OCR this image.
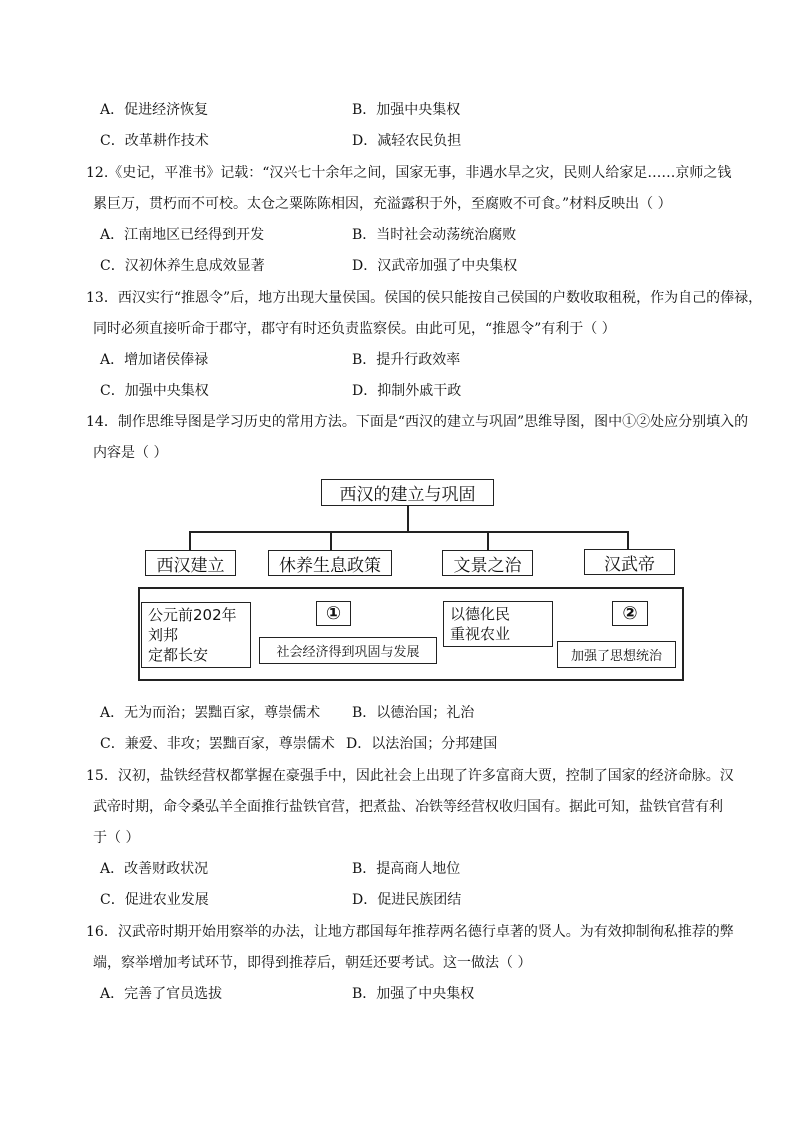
A．促进经济恢复	B．加强中央集权
C．改革耕作技术	D．减轻农民负担
12.《史记，平准书》记载：“汉兴七十余年之间，国家无事，非遇水旱之灾，民则人给家足……京师之钱
累巨万，贯朽而不可校。太仓之粟陈陈相因，充溢露积于外，至腐败不可食。”材料反映出（ ）
A．江南地区已经得到开发	B．当时社会动荡统治腐败
C．汉初休养生息成效显著	D．汉武帝加强了中央集权
13．西汉实行“推恩令”后，地方出现大量侯国。侯国的侯只能按自己侯国的户数收取租税，作为自己的俸禄，
同时必须直接听命于郡守，郡守有时还负责监察侯。由此可见，“推恩令”有利于（ ）
A．增加诸侯俸禄	B．提升行政效率
C．加强中央集权	D．抑制外戚干政
14．制作思维导图是学习历史的常用方法。下面是“西汉的建立与巩固”思维导图，图中①②处应分别填入的
内容是（ ）
西汉的建立与巩固
西汉建立	休养生息政策	文景之治	汉武帝
公元前202年
刘邦
定都长安
①
社会经济得到巩固与发展
以德化民
重视农业
②
加强了思想统治
A．无为而治；罢黜百家，尊崇儒术 B．以德治国；礼治
C．兼爱、非攻；罢黜百家，尊崇儒术 D．以法治国；分邦建国
15．汉初，盐铁经营权都掌握在豪强手中，因此社会上出现了许多富商大贾，控制了国家的经济命脉。汉
武帝时期，命令桑弘羊全面推行盐铁官营，把煮盐、冶铁等经营权收归国有。据此可知，盐铁官营有利
于（ ）
A．改善财政状况	B．提高商人地位
C．促进农业发展	D．促进民族团结
16．汉武帝时期开始用察举的办法，让地方郡国每年推荐两名德行卓著的贤人。为有效抑制徇私推荐的弊
端，察举增加考试环节，即得到推荐后，朝廷还要考试。这一做法（ ）
A．完善了官员选拔	B．加强了中央集权
